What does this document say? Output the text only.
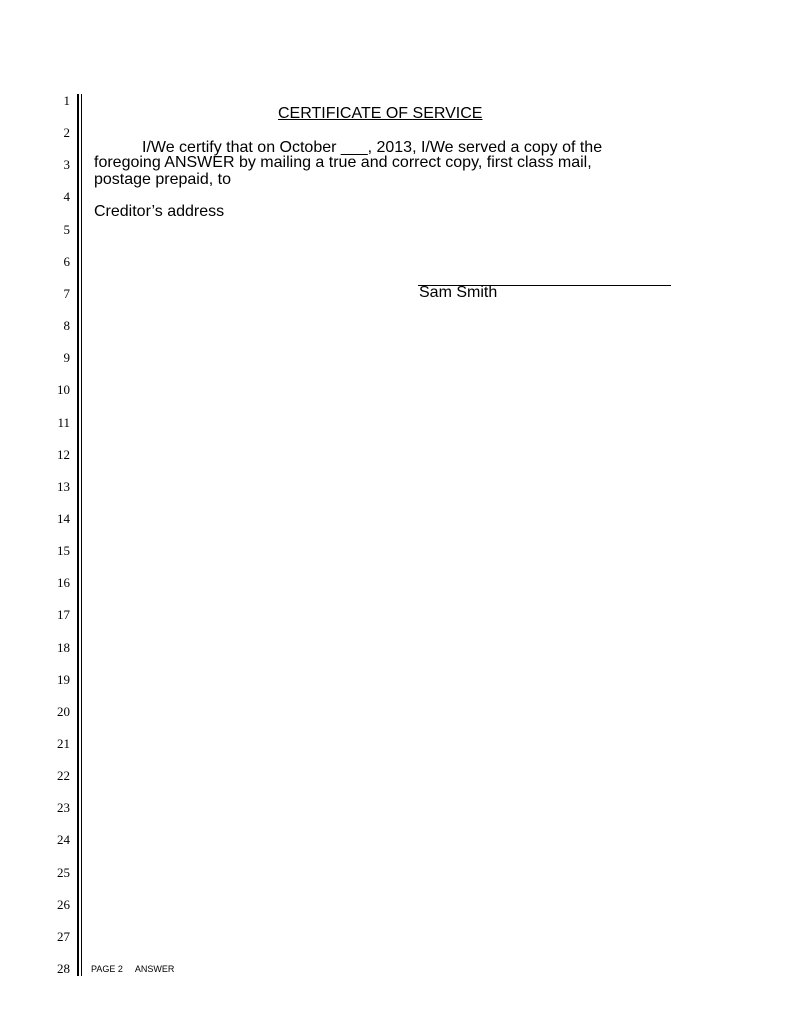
1
2
3
4
5
6
7
8
9
10
11
12
13
14
15
16
17
18
19
20
21
22
23
24
25
26
27
28
CERTIFICATE OF SERVICE
I/We certify that on October ___, 2013, I/We served a copy of the
foregoing ANSWER by mailing a true and correct copy, first class mail,
postage prepaid, to
Creditor’s address
Sam Smith
PAGE 2 ANSWER
